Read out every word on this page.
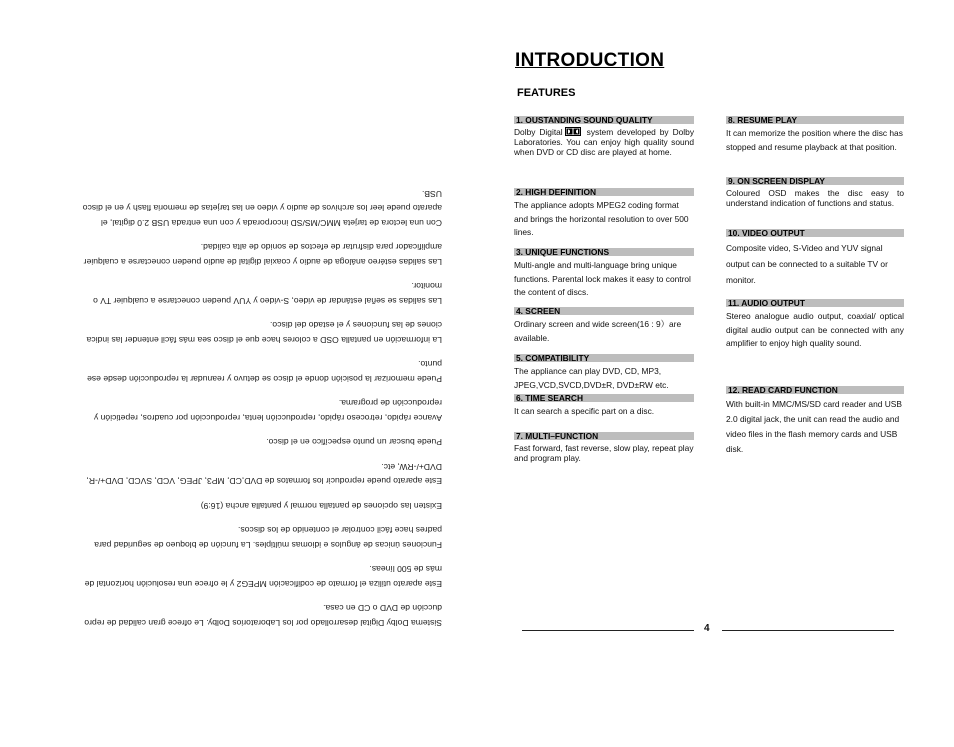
Sistema Dolby Digital desarrollado por los Laboratorios Dolby. Le ofrece gran calidad de repro

ducción de DVD o CD en casa.

Este aparato utiliza el formato de codificación MPEG2 y le ofrece una resolución horizontal de

más de 500 líneas.

Funciones únicas de ángulos e idiomas múltiples. La función de bloqueo de seguridad para

padres hace fácil controlar el contenido de los discos.

Existen las opciones de pantalla normal y pantalla ancha (16:9)

Este aparato puede reproducir los formatos de DVD,CD, MP3, JPEG, VCD, SVCD, DVD+/-R,

DVD+/-RW, etc.

Puede buscar un punto específico en el disco.

Avance rápido, retroceso rápido, reproducción lenta, reproducción por cuadros, repetición y

reproducción de programa.

Puede memorizar la posición donde el disco se detuvo y reanudar la reproducción desde ese

punto.

La información en pantalla OSD a colores hace que el disco sea más fácil entender las indica

ciones de las funciones y el estado del disco.

Las salidas se señal estándar de video, S-video y YUV pueden conectarse a cualquier TV o

monitor.

Las salidas estéreo análoga de audio y coaxial digital de audio pueden conectarse a cualquier

amplificador para disfrutar de efectos de sonido de alta calidad.

Con una lectora de tarjeta MMC/MS/SD incorporada y con una entrada USB 2.0 digital, el

aparato puede leer los archivos de audio y video en las tarjetas de memoria flash y en el disco

USB.

INTRODUCTION
FEATURES
1. OUSTANDING SOUND QUALITY

Dolby Digital
system developed by Dolby Laboratories. You can enjoy high quality sound when DVD or CD disc are played at home.

2. HIGH DEFINITION

The appliance adopts MPEG2 coding format and brings the horizontal resolution to over 500 lines.

3. UNIQUE FUNCTIONS

Multi-angle and multi-language bring unique functions. Parental lock makes it easy to control the content of discs.

4. SCREEN

Ordinary screen and wide screen(16 : 9）are available.

5. COMPATIBILITY

The appliance can play DVD, CD, MP3, JPEG,VCD,SVCD,DVD±R, DVD±RW etc.

6. TIME SEARCH

It can search a specific part on a disc.

7. MULTI–FUNCTION

Fast forward, fast reverse, slow play, repeat play and program play.

8. RESUME PLAY

It can memorize the position where the disc has stopped and resume playback at that position.

9. ON SCREEN DISPLAY

Coloured OSD makes the disc easy to understand indication of functions and status.

10. VIDEO OUTPUT

Composite video, S-Video and YUV signal output can be connected to a suitable TV or monitor.

11. AUDIO OUTPUT

Stereo analogue audio output, coaxial/ optical digital audio output can be connected with any amplifier to enjoy high quality sound.

12. READ CARD FUNCTION

With built-in MMC/MS/SD card reader and USB 2.0 digital jack, the unit can read the audio and video files in the flash memory cards and USB disk.

4
